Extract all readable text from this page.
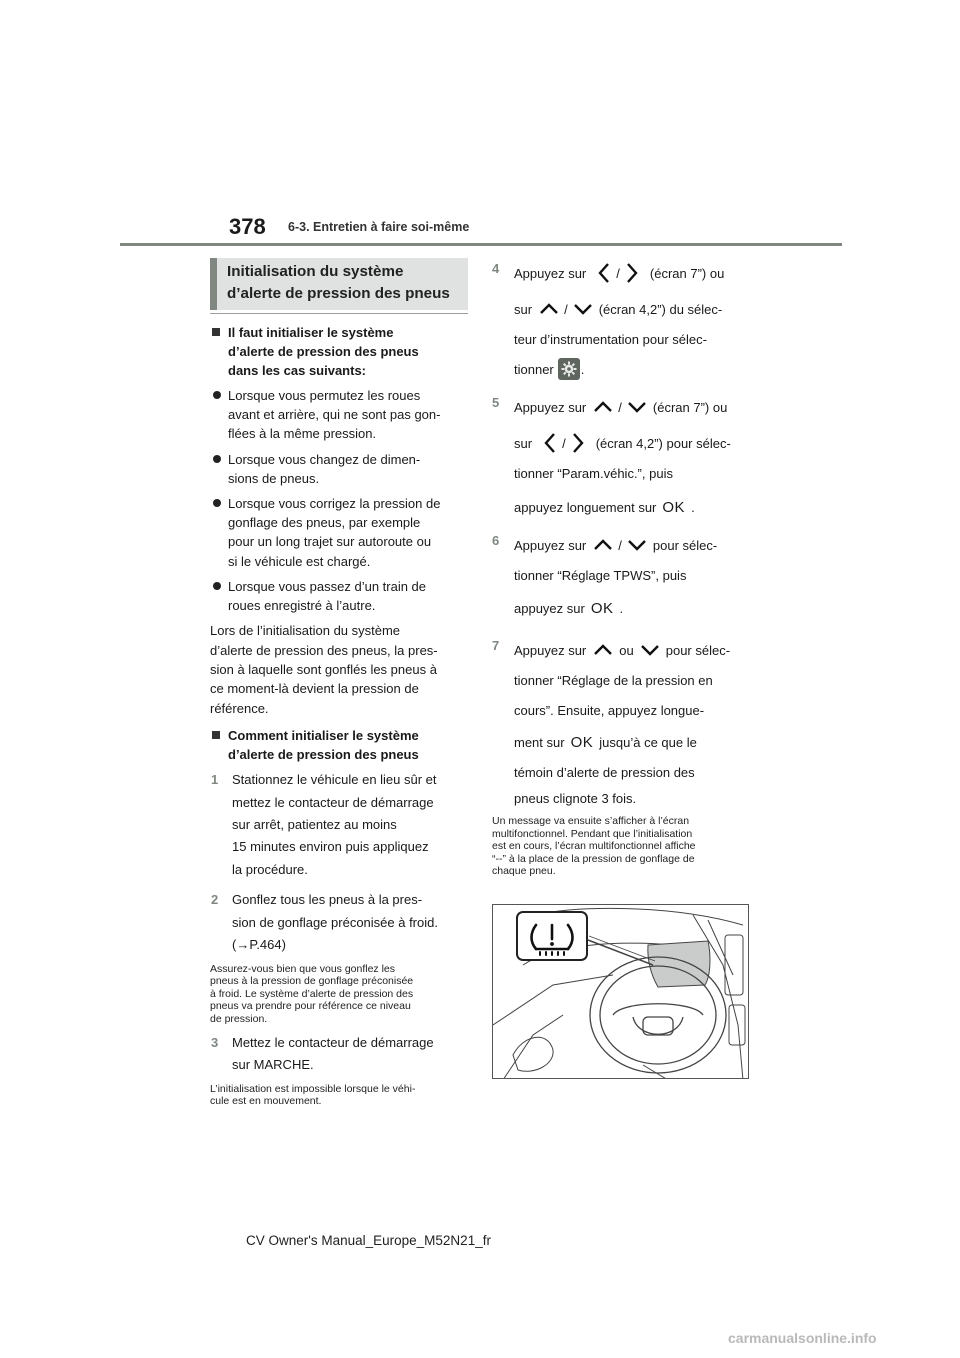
378 6-3. Entretien à faire soi-même
Initialisation du système
d’alerte de pression des pneus
Il faut initialiser le système
d’alerte de pression des pneus
dans les cas suivants:
Lorsque vous permutez les roues
avant et arrière, qui ne sont pas gon-
flées à la même pression.
Lorsque vous changez de dimen-
sions de pneus.
Lorsque vous corrigez la pression de
gonflage des pneus, par exemple
pour un long trajet sur autoroute ou
si le véhicule est chargé.
Lorsque vous passez d’un train de
roues enregistré à l’autre.
Lors de l’initialisation du système
d’alerte de pression des pneus, la pres-
sion à laquelle sont gonflés les pneus à
ce moment-là devient la pression de
référence.
Comment initialiser le système
d’alerte de pression des pneus
1 Stationnez le véhicule en lieu sûr et
mettez le contacteur de démarrage
sur arrêt, patientez au moins
15 minutes environ puis appliquez
la procédure.
2 Gonflez tous les pneus à la pres-
sion de gonflage préconisée à froid.
(→P.464)
Assurez-vous bien que vous gonflez les
pneus à la pression de gonflage préconisée
à froid. Le système d’alerte de pression des
pneus va prendre pour référence ce niveau
de pression.
3 Mettez le contacteur de démarrage
sur MARCHE.
L’initialisation est impossible lorsque le véhi-
cule est en mouvement.
4 Appuyez sur / (écran 7”) ou
sur / (écran 4,2”) du sélec-
teur d’instrumentation pour sélec-
tionner .
5 Appuyez sur / (écran 7”) ou
sur / (écran 4,2”) pour sélec-
tionner “Param.véhic.”, puis
appuyez longuement sur OK .
6 Appuyez sur / pour sélec-
tionner “Réglage TPWS”, puis
appuyez sur OK .
7 Appuyez sur	ou pour sélec-
tionner “Réglage de la pression en
cours”. Ensuite, appuyez longue-
ment sur OK jusqu’à ce que le
témoin d’alerte de pression des
pneus clignote 3 fois.
Un message va ensuite s’afficher à l’écran
multifonctionnel. Pendant que l’initialisation
est en cours, l’écran multifonctionnel affiche
“--” à la place de la pression de gonflage de
chaque pneu.
CV Owner's Manual_Europe_M52N21_fr
carmanualsonline.info
